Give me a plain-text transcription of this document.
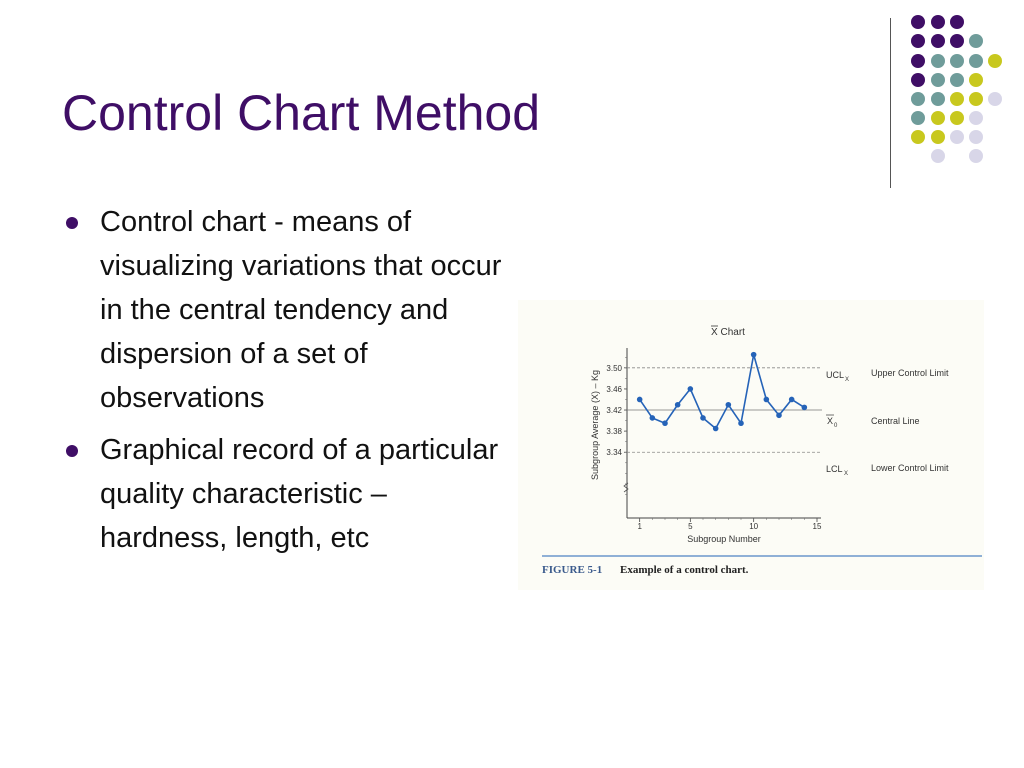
Control Chart Method
Control chart - means of visualizing variations that occur in the central tendency and dispersion of a set of observations
Graphical record of a particular quality characteristic – hardness, length, etc
X Chart
Subgroup Average (X) – Kg
Subgroup Number
UCL X
X 0
LCL X
Upper Control Limit
Central Line
Lower Control Limit
3.34
3.38
3.42
3.46
3.50
1	5	10	15
FIGURE 5-1 Example of a control chart.
